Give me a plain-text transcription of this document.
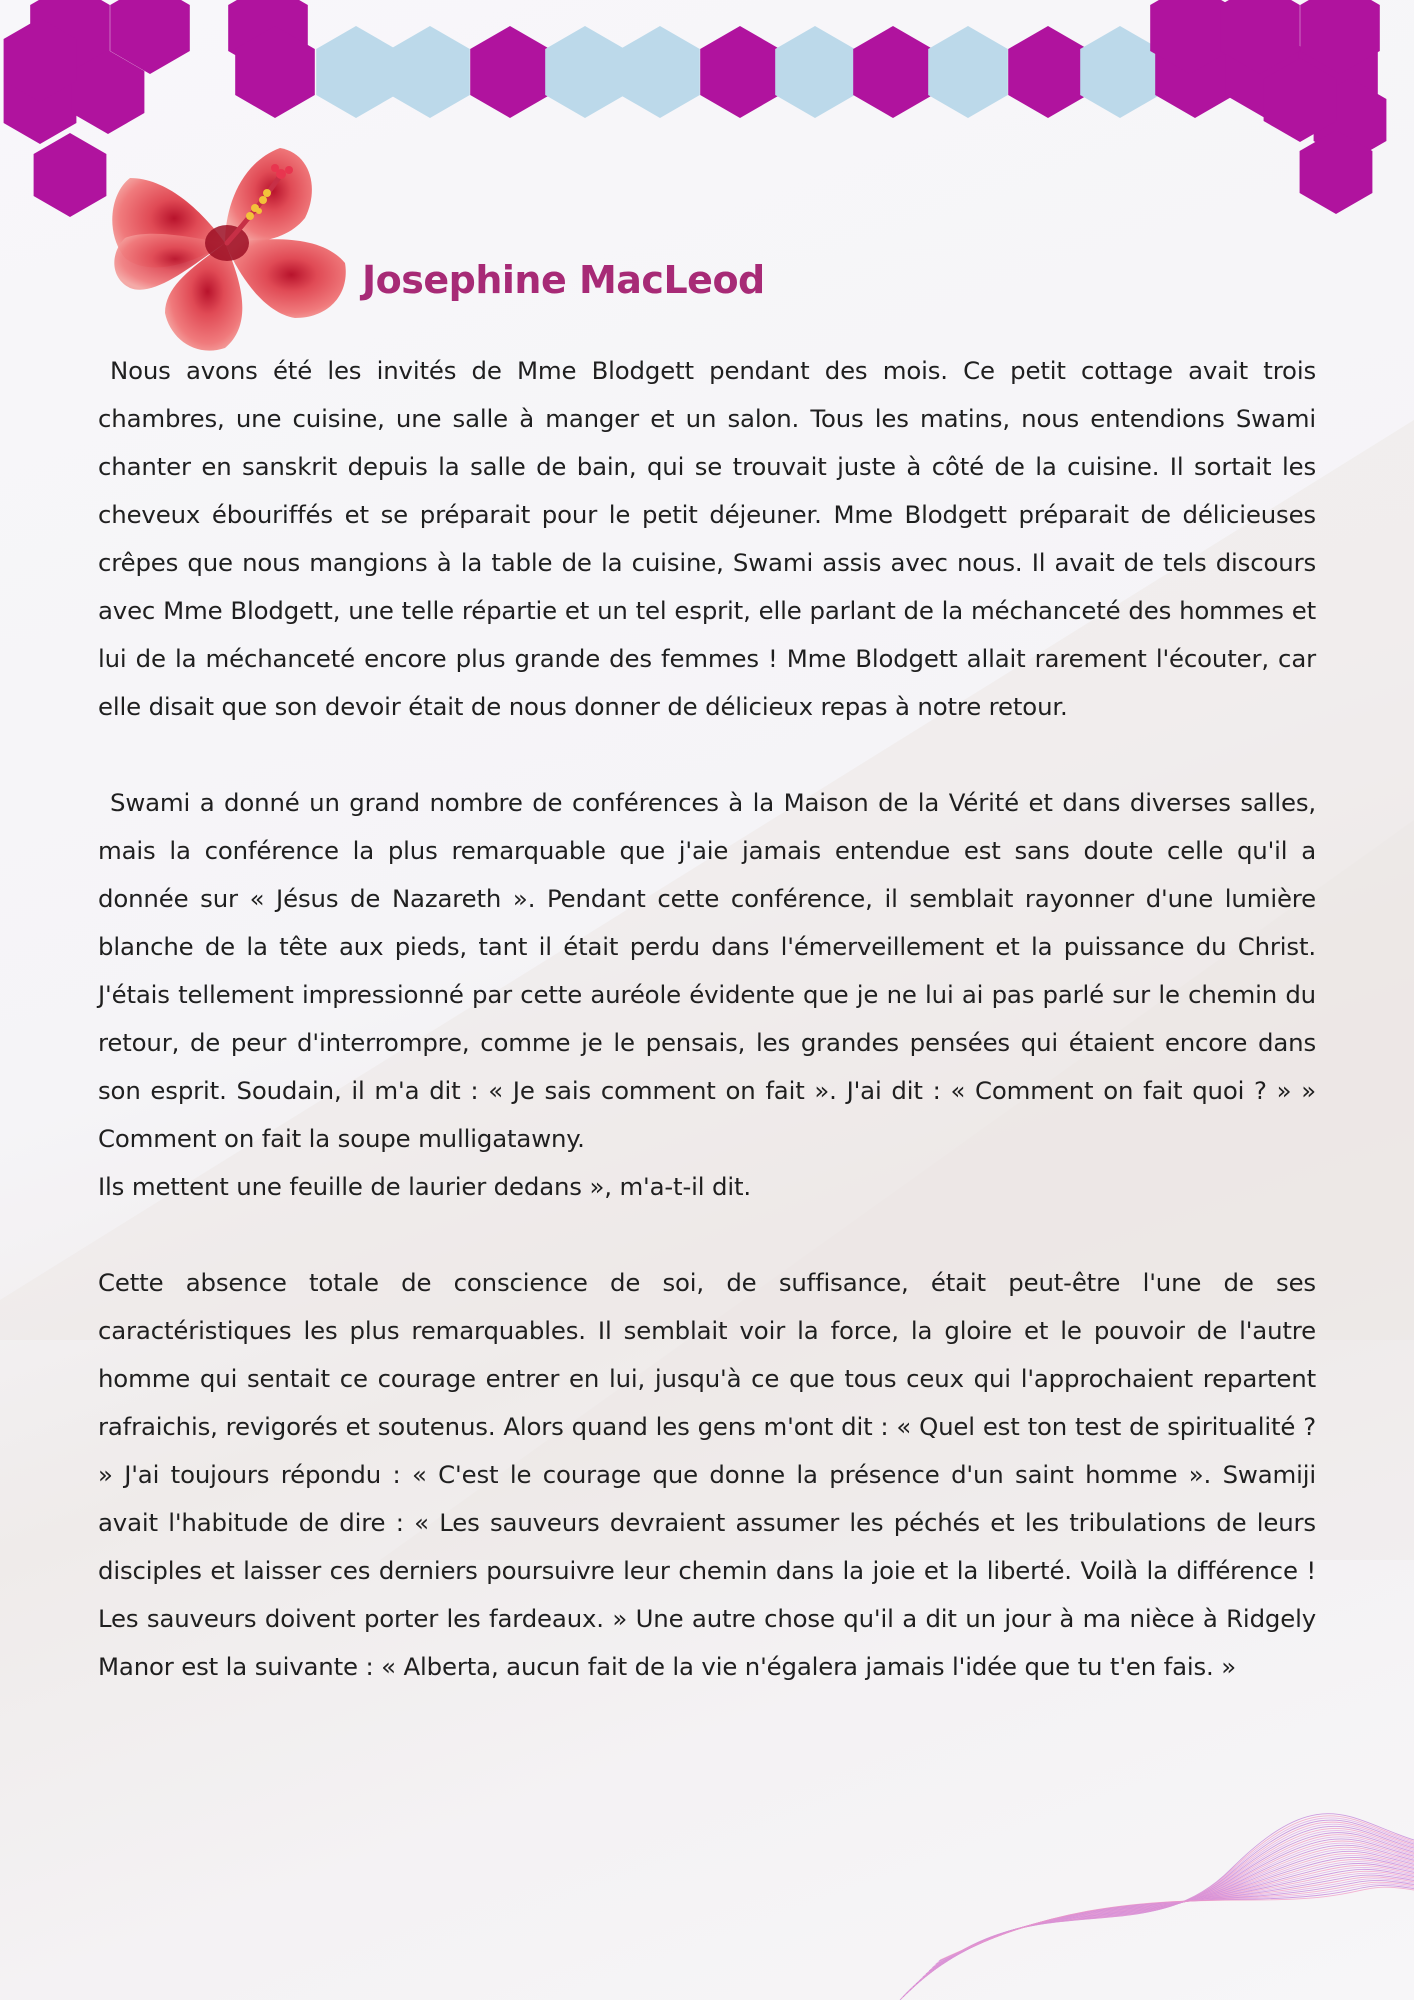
Josephine MacLeod

Nous avons été les invités de Mme Blodgett pendant des mois. Ce petit cottage avait trois chambres, une cuisine, une salle à manger et un salon. Tous les matins, nous entendions Swami chanter en sanskrit depuis la salle de bain, qui se trouvait juste à côté de la cuisine. Il sortait les cheveux ébouriffés et se préparait pour le petit déjeuner. Mme Blodgett préparait de délicieuses crêpes que nous mangions à la table de la cuisine, Swami assis avec nous. Il avait de tels discours avec Mme Blodgett, une telle répartie et un tel esprit, elle parlant de la méchanceté des hommes et lui de la méchanceté encore plus grande des femmes ! Mme Blodgett allait rarement l'écouter, car elle disait que son devoir était de nous donner de délicieux repas à notre retour.

Swami a donné un grand nombre de conférences à la Maison de la Vérité et dans diverses salles, mais la conférence la plus remarquable que j'aie jamais entendue est sans doute celle qu'il a donnée sur « Jésus de Nazareth ». Pendant cette conférence, il semblait rayonner d'une lumière blanche de la tête aux pieds, tant il était perdu dans l'émerveillement et la puissance du Christ. J'étais tellement impressionné par cette auréole évidente que je ne lui ai pas parlé sur le chemin du retour, de peur d'interrompre, comme je le pensais, les grandes pensées qui étaient encore dans son esprit. Soudain, il m'a dit : « Je sais comment on fait ». J'ai dit : « Comment on fait quoi ? » » Comment on fait la soupe mulligatawny.

Ils mettent une feuille de laurier dedans », m'a-t-il dit.

Cette absence totale de conscience de soi, de suffisance, était peut-être l'une de ses caractéristiques les plus remarquables. Il semblait voir la force, la gloire et le pouvoir de l'autre homme qui sentait ce courage entrer en lui, jusqu'à ce que tous ceux qui l'approchaient repartent rafraichis, revigorés et soutenus. Alors quand les gens m'ont dit : « Quel est ton test de spiritualité ? » J'ai toujours répondu : « C'est le courage que donne la présence d'un saint homme ». Swamiji avait l'habitude de dire : « Les sauveurs devraient assumer les péchés et les tribulations de leurs disciples et laisser ces derniers poursuivre leur chemin dans la joie et la liberté. Voilà la différence ! Les sauveurs doivent porter les fardeaux. » Une autre chose qu'il a dit un jour à ma nièce à Ridgely Manor est la suivante : « Alberta, aucun fait de la vie n'égalera jamais l'idée que tu t'en fais. »
